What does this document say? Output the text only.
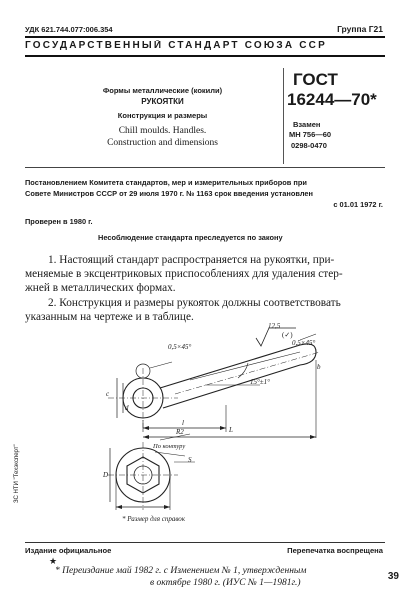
УДК 621.744.077:006.354	Группа Г21
ГОСУДАРСТВЕННЫЙ СТАНДАРТ СОЮЗА ССР
Формы металлические (кокили)
РУКОЯТКИ
Конструкция и размеры
Chill moulds. Handles.
Construction and dimensions
ГОСТ
16244—70*
Взамен
МН 756—60
0298-0470
Постановлением Комитета стандартов, мер и измерительных приборов при
Совете Министров СССР от 29 июля 1970 г. № 1163 срок введения установлен
с 01.01 1972 г.
Проверен в 1980 г.
Несоблюдение стандарта преследуется по закону
1. Настоящий стандарт распространяется на рукоятки, при-
меняемые в эксцентриковых приспособлениях для удаления стер-
жней в металлических формах.
2. Конструкция и размеры рукояток должны соответствовать
указанным на чертеже и в таблице.
12,5
(✓)
0,5×45°
0,5×45°
15°±1°
c
d
l
L
b
По контуру
R2
S
D
* Размер для справок
ЗС НТИ "Техэксперт"
Издание официальное	Перепечатка воспрещена
★
* Переиздание май 1982 г. с Изменением № 1, утвержденным
в октябре 1980 г. (ИУС № 1—1981г.)
39
